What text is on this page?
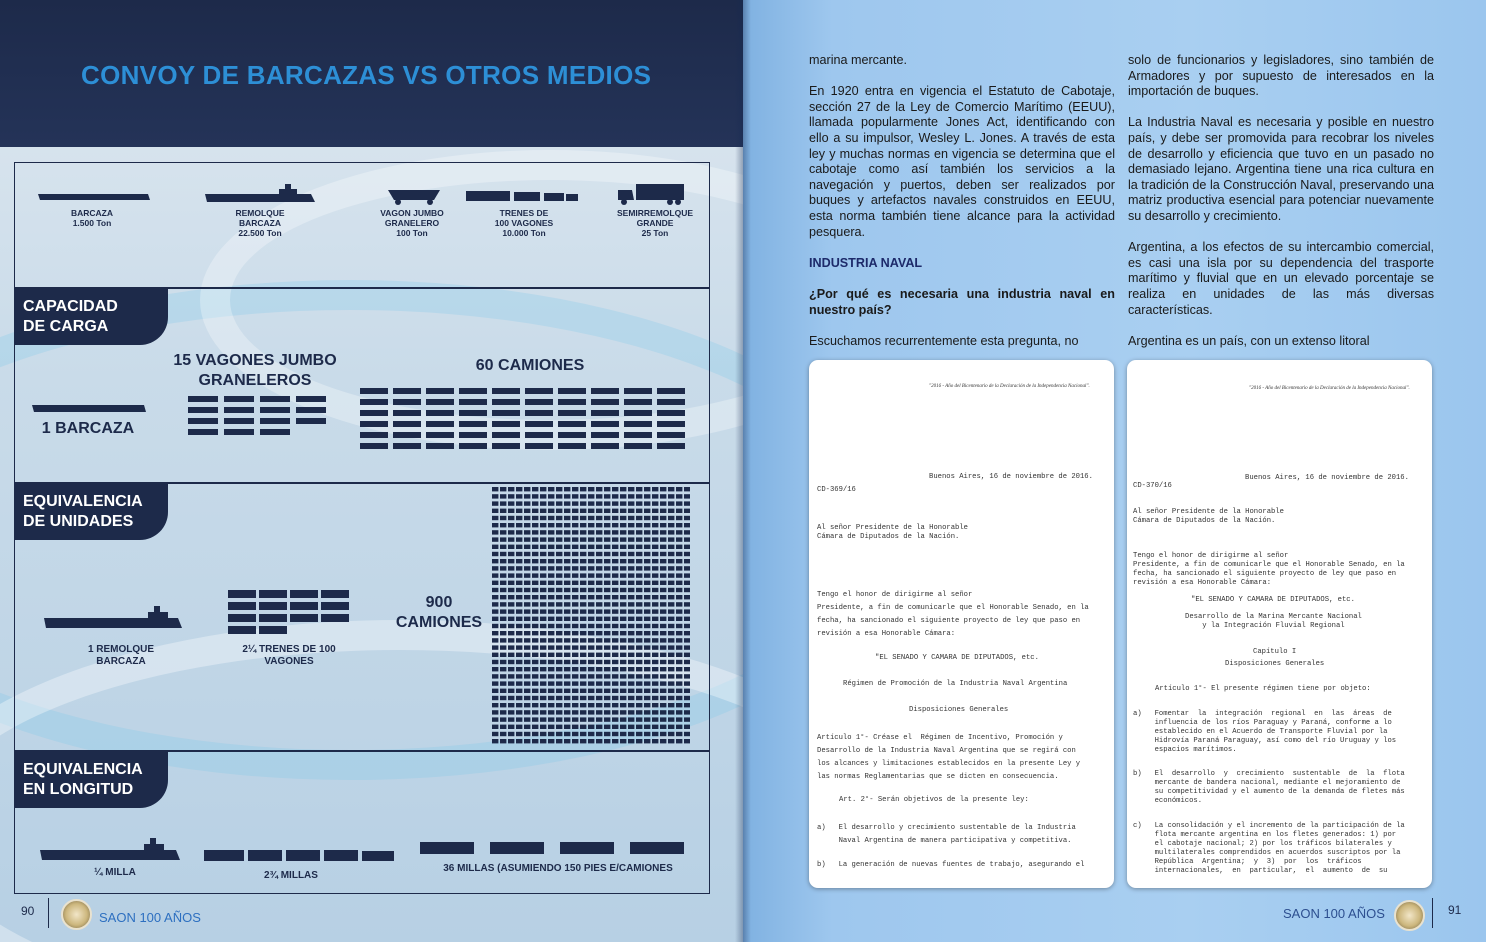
CONVOY DE BARCAZAS VS OTROS MEDIOS
BARCAZA
1.500 Ton
REMOLQUE
BARCAZA
22.500 Ton
VAGON JUMBO
GRANELERO
100 Ton
TRENES DE
100 VAGONES
10.000 Ton
SEMIRREMOLQUE
GRANDE
25 Ton
CAPACIDAD
DE CARGA
1 BARCAZA
15 VAGONES JUMBO
GRANELEROS
60 CAMIONES
EQUIVALENCIA
DE UNIDADES
1 REMOLQUE
BARCAZA
2¼ TRENES DE 100
VAGONES
900
CAMIONES
EQUIVALENCIA
EN LONGITUD
¼ MILLA	2¾ MILLAS
36 MILLAS (ASUMIENDO 150 PIES E/CAMIONES
90	SAON 100 AÑOS

marina mercante.

En 1920 entra en vigencia el Estatuto de Cabotaje, sección 27 de la Ley de Comercio Marítimo (EEUU), llamada popularmente Jones Act, identificando con ello a su impulsor, Wesley L. Jones. A través de esta ley y muchas normas en vigencia se determina que el cabotaje como así también los servicios a la navegación y puertos, deben ser realizados por buques y artefactos navales construidos en EEUU, esta norma también tiene alcance para la actividad pesquera.

INDUSTRIA NAVAL

¿Por qué es necesaria una industria naval en nuestro país?

Escuchamos recurrentemente esta pregunta, no

solo de funcionarios y legisladores, sino también de Armadores y por supuesto de interesados en la importación de buques.

La Industria Naval es necesaria y posible en nuestro país, y debe ser promovida para recobrar los niveles de desarrollo y eficiencia que tuvo en un pasado no demasiado lejano. Argentina tiene una rica cultura en la tradición de la Construcción Naval, preservando una matriz productiva esencial para potenciar nuevamente su desarrollo y crecimiento.

Argentina, a los efectos de su intercambio comercial, es casi una isla por su dependencia del trasporte marítimo y fluvial que en un elevado porcentaje se realiza en unidades de las más diversas características.

Argentina es un país, con un extenso litoral

"2016 - Año del Bicentenario de la Declaración de la Independencia Nacional".
Buenos Aires, 16 de noviembre de 2016.
CD-369/16
Al señor Presidente de la Honorable
Cámara de Diputados de la Nación.
Tengo el honor de dirigirme al señor
Presidente, a fin de comunicarle que el Honorable Senado, en la
fecha, ha sancionado el siguiente proyecto de ley que paso en
revisión a esa Honorable Cámara:
"EL SENADO Y CAMARA DE DIPUTADOS, etc.
Régimen de Promoción de la Industria Naval Argentina
Disposiciones Generales
Artículo 1°- Créase el  Régimen de Incentivo, Promoción y
Desarrollo de la Industria Naval Argentina que se regirá con
los alcances y limitaciones establecidos en la presente Ley y
las normas Reglamentarias que se dicten en consecuencia.
Art. 2°- Serán objetivos de la presente ley:
a)   El desarrollo y crecimiento sustentable de la Industria
Naval Argentina de manera participativa y competitiva.
b)   La generación de nuevas fuentes de trabajo, asegurando el
"2016 - Año del Bicentenario de la Declaración de la Independencia Nacional".
Buenos Aires, 16 de noviembre de 2016.
CD-370/16
Al señor Presidente de la Honorable
Cámara de Diputados de la Nación.
Tengo el honor de dirigirme al señor
Presidente, a fin de comunicarle que el Honorable Senado, en la
fecha, ha sancionado el siguiente proyecto de ley que paso en
revisión a esa Honorable Cámara:
"EL SENADO Y CAMARA DE DIPUTADOS, etc.
Desarrollo de la Marina Mercante Nacional
y la Integración Fluvial Regional
Capítulo I
Disposiciones Generales
Artículo 1°- El presente régimen tiene por objeto:
a)   Fomentar  la  integración  regional  en  las  áreas  de
influencia de los ríos Paraguay y Paraná, conforme a lo
establecido en el Acuerdo de Transporte Fluvial por la
Hidrovía Paraná Paraguay, así como del río Uruguay y los
espacios marítimos.
b)   El  desarrollo  y  crecimiento  sustentable  de  la  flota
mercante de bandera nacional, mediante el mejoramiento de
su competitividad y el aumento de la demanda de fletes más
económicos.
c)   La consolidación y el incremento de la participación de la
flota mercante argentina en los fletes generados: 1) por
el cabotaje nacional; 2) por los tráficos bilaterales y
multilaterales comprendidos en acuerdos suscriptos por la
República  Argentina;  y  3)  por  los  tráficos
internacionales,  en  particular,  el  aumento  de  su
SAON 100 AÑOS	91
